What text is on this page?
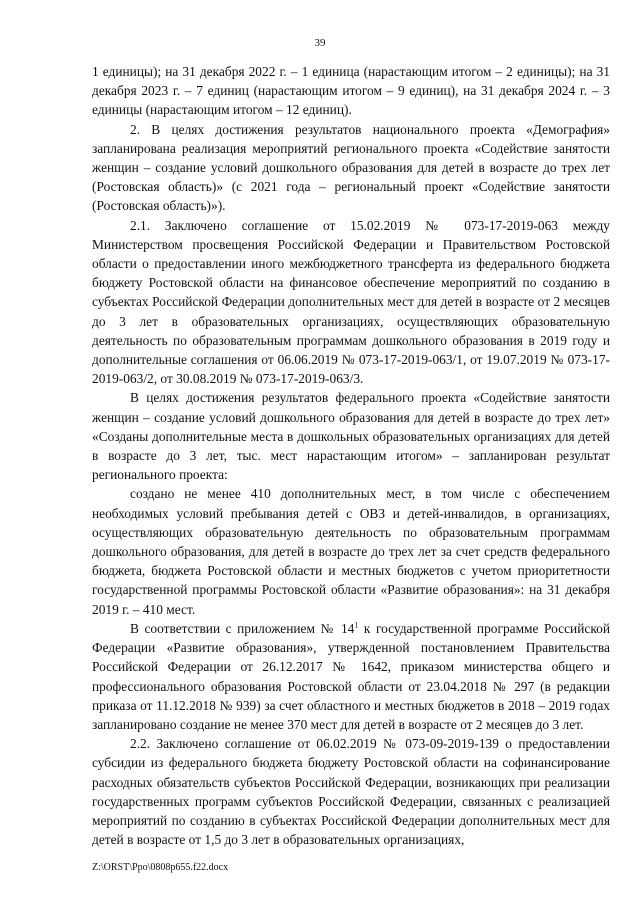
39

1 единицы); на 31 декабря 2022 г. – 1 единица (нарастающим итогом – 2 единицы); на 31 декабря 2023 г. – 7 единиц (нарастающим итогом – 9 единиц), на 31 декабря 2024 г. – 3 единицы (нарастающим итогом – 12 единиц).

2. В целях достижения результатов национального проекта «Демография» запланирована реализация мероприятий регионального проекта «Содействие занятости женщин – создание условий дошкольного образования для детей в возрасте до трех лет (Ростовская область)» (с 2021 года – региональный проект «Содействие занятости (Ростовская область)»).

2.1. Заключено соглашение от 15.02.2019 № 073-17-2019-063 между Министерством просвещения Российской Федерации и Правительством Ростовской области о предоставлении иного межбюджетного трансферта из федерального бюджета бюджету Ростовской области на финансовое обеспечение мероприятий по созданию в субъектах Российской Федерации дополнительных мест для детей в возрасте от 2 месяцев до 3 лет в образовательных организациях, осуществляющих образовательную деятельность по образовательным программам дошкольного образования в 2019 году и дополнительные соглашения от 06.06.2019 № 073-17-2019-063/1, от 19.07.2019 № 073-17-2019-063/2, от 30.08.2019 № 073-17-2019-063/3.

В целях достижения результатов федерального проекта «Содействие занятости женщин – создание условий дошкольного образования для детей в возрасте до трех лет» «Созданы дополнительные места в дошкольных образовательных организациях для детей в возрасте до 3 лет, тыс. мест нарастающим итогом» – запланирован результат регионального проекта:

создано не менее 410 дополнительных мест, в том числе с обеспечением необходимых условий пребывания детей с ОВЗ и детей-инвалидов, в организациях, осуществляющих образовательную деятельность по образовательным программам дошкольного образования, для детей в возрасте до трех лет за счет средств федерального бюджета, бюджета Ростовской области и местных бюджетов с учетом приоритетности государственной программы Ростовской области «Развитие образования»: на 31 декабря 2019 г. – 410 мест.

В соответствии с приложением № $14^1$ к государственной программе Российской Федерации «Развитие образования», утвержденной постановлением Правительства Российской Федерации от 26.12.2017 № 1642, приказом министерства общего и профессионального образования Ростовской области от 23.04.2018 № 297 (в редакции приказа от 11.12.2018 № 939) за счет областного и местных бюджетов в 2018 – 2019 годах запланировано создание не менее 370 мест для детей в возрасте от 2 месяцев до 3 лет.

2.2. Заключено соглашение от 06.02.2019 № 073-09-2019-139 о предоставлении субсидии из федерального бюджета бюджету Ростовской области на софинансирование расходных обязательств субъектов Российской Федерации, возникающих при реализации государственных программ субъектов Российской Федерации, связанных с реализацией мероприятий по созданию в субъектах Российской Федерации дополнительных мест для детей в возрасте от 1,5 до 3 лет в образовательных организациях,

Z:\ORST\Ppo\0808p655.f22.docx
